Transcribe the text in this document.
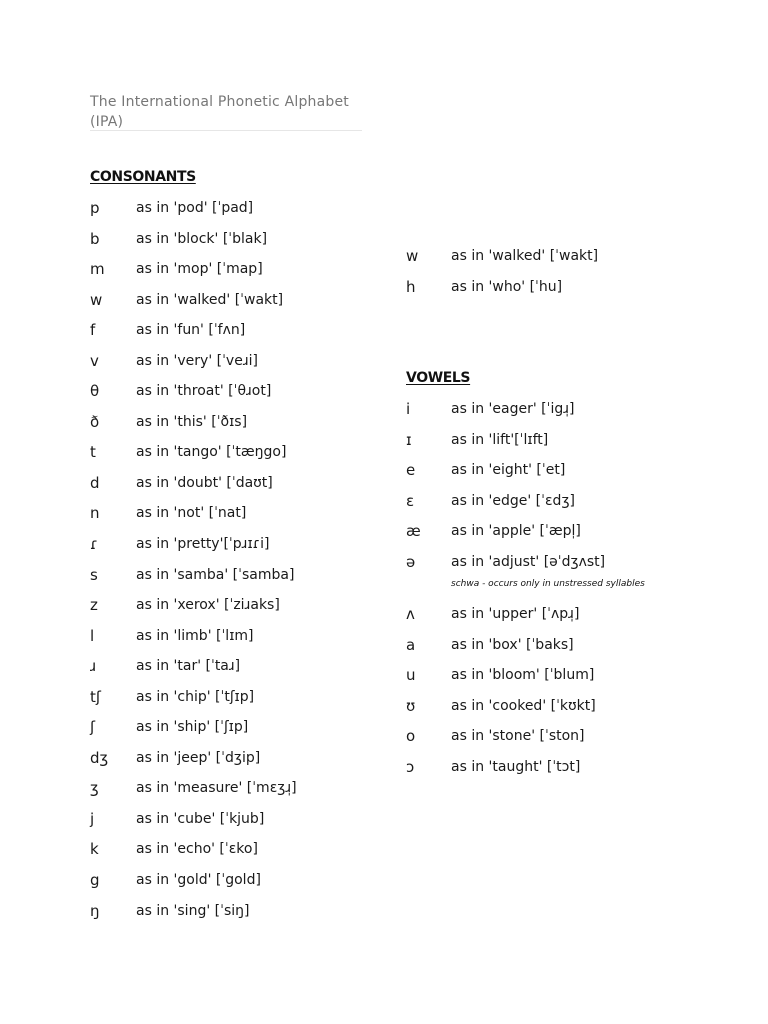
The International Phonetic Alphabet (IPA)
CONSONANTS
p	as in 'pod' [ˈpad]
b	as in 'block' [ˈblak]
m as in 'mop' [ˈmap]
w as in 'walked' [ˈwakt]
f	as in 'fun' [ˈfʌn]
v	as in 'very' [ˈveɹi]
θ	as in 'throat' [ˈθɹot]
ð	as in 'this' [ˈðɪs]
t	as in 'tango' [ˈtæŋgo]
d	as in 'doubt' [ˈdaʊt]
n	as in 'not' [ˈnat]
ɾ	as in 'pretty'[ˈpɹɪɾi]
s	as in 'samba' [ˈsamba]
z	as in 'xerox' [ˈziɹaks]
l	as in 'limb' [ˈlɪm]
ɹ	as in 'tar' [ˈtaɹ]
tʃ	as in 'chip' [ˈtʃɪp]
ʃ	as in 'ship' [ˈʃɪp]
dʒ as in 'jeep' [ˈdʒip]
ʒ	as in 'measure' [ˈmɛʒɹ̩]
j	as in 'cube' [ˈkjub]
k	as in 'echo' [ˈɛko]
g	as in 'gold' [ˈgold]
ŋ	as in 'sing' [ˈsiŋ]
w as in 'walked' [ˈwakt]
h	as in 'who' [ˈhu]
VOWELS
i	as in 'eager' [ˈigɹ̩]
ɪ	as in 'lift'[ˈlɪft]
e	as in 'eight' [ˈet]
ɛ	as in 'edge' [ˈɛdʒ]
æ as in 'apple' [ˈæpl̩]
ə	as in 'adjust' [əˈdʒʌst]
schwa - occurs only in unstressed syllables
ʌ	as in 'upper' [ˈʌpɹ̩]
a	as in 'box' [ˈbaks]
u	as in 'bloom' [ˈblum]
ʊ	as in 'cooked' [ˈkʊkt]
o	as in 'stone' [ˈston]
ɔ	as in 'taught' [ˈtɔt]
